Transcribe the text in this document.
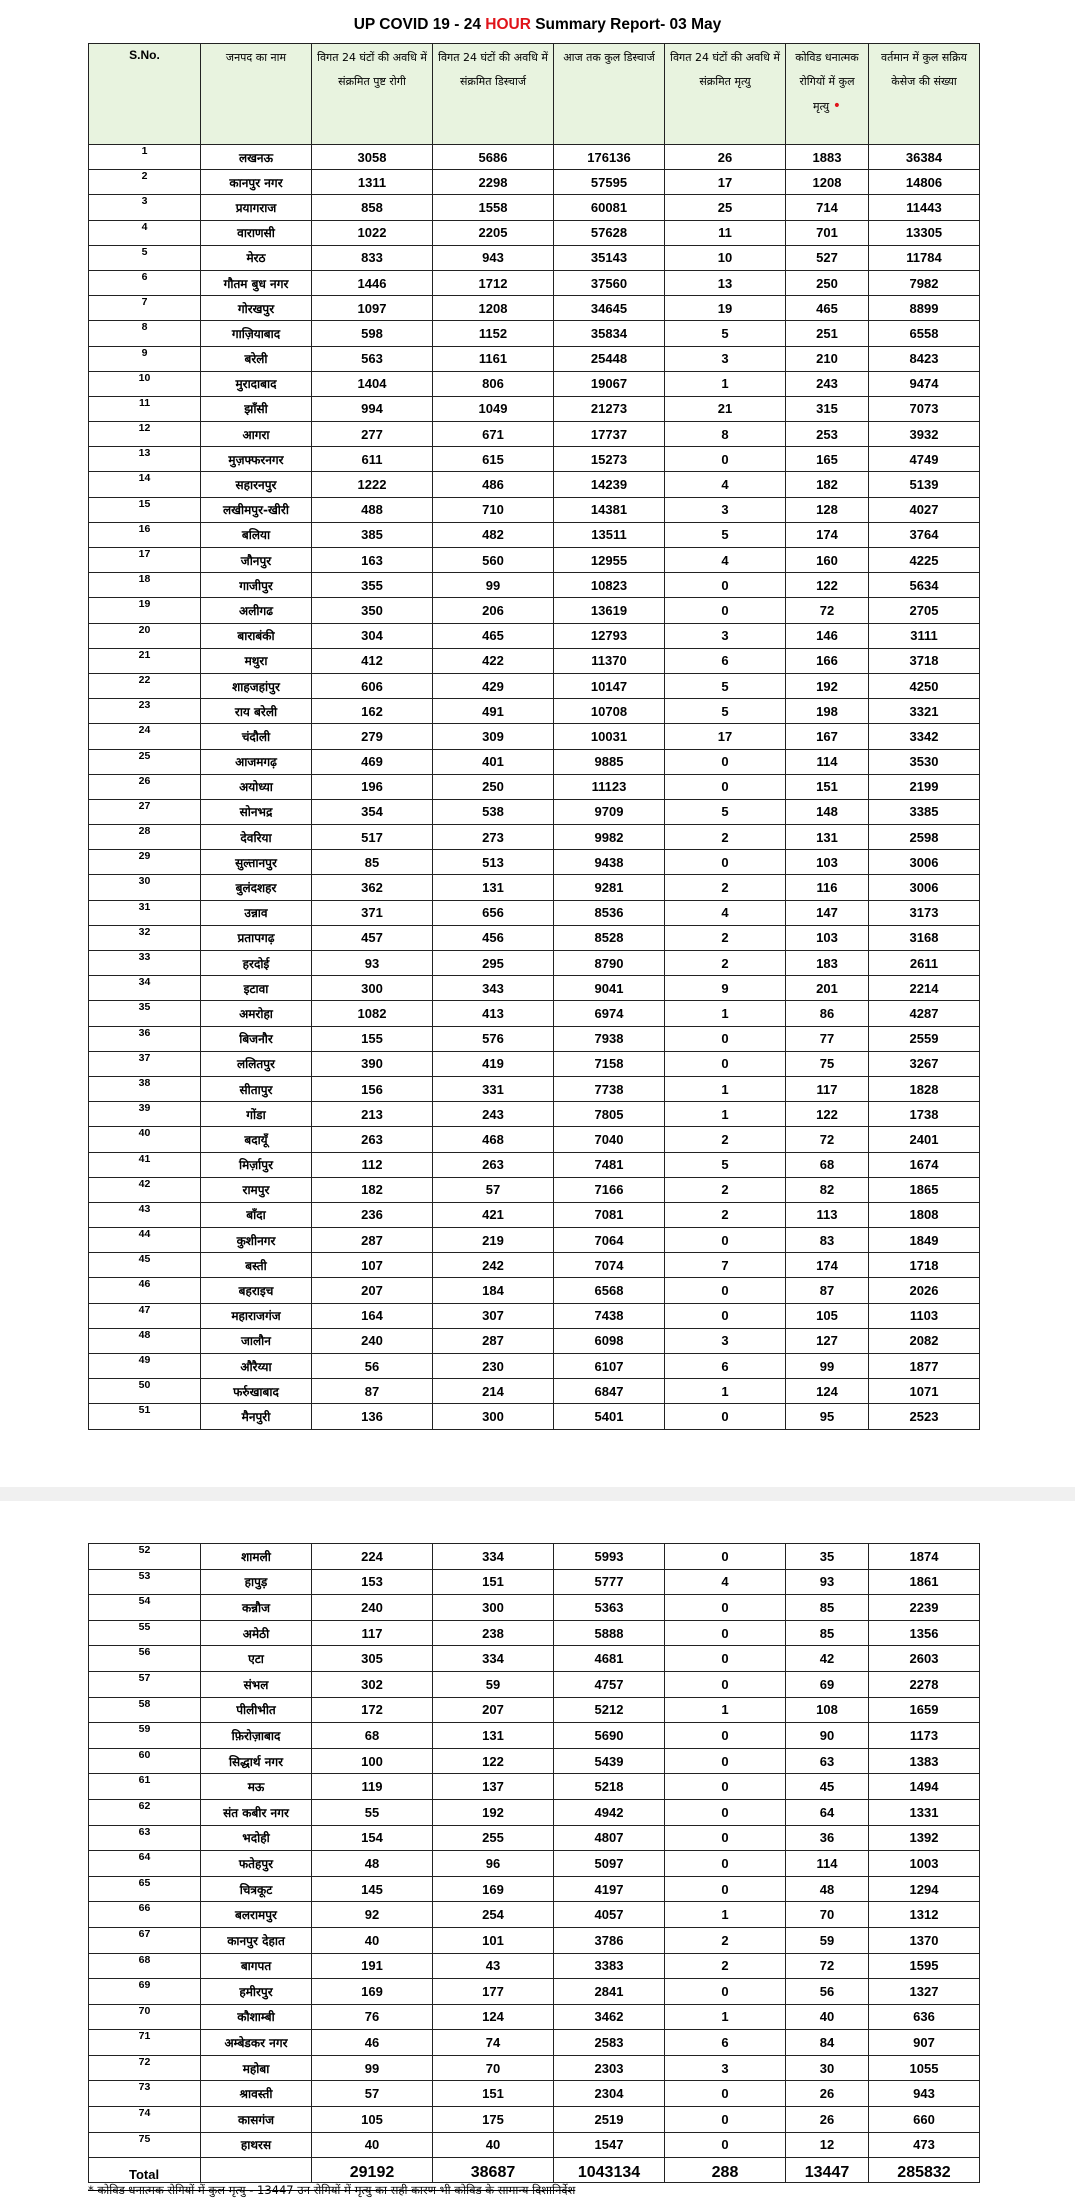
UP COVID 19 - 24 HOUR Summary Report- 03 May
S.No.	जनपद का नाम	विगत 24 घंटों की अवधि में संक्रमित पुष्ट रोगी	विगत 24 घंटों की अवधि में संक्रमित डिस्चार्ज	आज तक कुल डिस्चार्ज	विगत 24 घंटों की अवधि में संक्रमित मृत्यु	कोविड धनात्मक रोगियों में कुल मृत्यु •	वर्तमान में कुल सक्रिय केसेज की संख्या
1	लखनऊ	3058	5686	176136	26	1883	36384
2	कानपुर नगर	1311	2298	57595	17	1208	14806
3	प्रयागराज	858	1558	60081	25	714	11443
4	वाराणसी	1022	2205	57628	11	701	13305
5	मेरठ	833	943	35143	10	527	11784
6	गौतम बुध नगर	1446	1712	37560	13	250	7982
7	गोरखपुर	1097	1208	34645	19	465	8899
8	गाज़ियाबाद	598	1152	35834	5	251	6558
9	बरेली	563	1161	25448	3	210	8423
10	मुरादाबाद	1404	806	19067	1	243	9474
11	झाँसी	994	1049	21273	21	315	7073
12	आगरा	277	671	17737	8	253	3932
13	मुज़फ्फरनगर	611	615	15273	0	165	4749
14	सहारनपुर	1222	486	14239	4	182	5139
15	लखीमपुर-खीरी	488	710	14381	3	128	4027
16	बलिया	385	482	13511	5	174	3764
17	जौनपुर	163	560	12955	4	160	4225
18	गाजीपुर	355	99	10823	0	122	5634
19	अलीगढ	350	206	13619	0	72	2705
20	बाराबंकी	304	465	12793	3	146	3111
21	मथुरा	412	422	11370	6	166	3718
22	शाहजहांपुर	606	429	10147	5	192	4250
23	राय बरेली	162	491	10708	5	198	3321
24	चंदौली	279	309	10031	17	167	3342
25	आजमगढ़	469	401	9885	0	114	3530
26	अयोध्या	196	250	11123	0	151	2199
27	सोनभद्र	354	538	9709	5	148	3385
28	देवरिया	517	273	9982	2	131	2598
29	सुल्तानपुर	85	513	9438	0	103	3006
30	बुलंदशहर	362	131	9281	2	116	3006
31	उन्नाव	371	656	8536	4	147	3173
32	प्रतापगढ़	457	456	8528	2	103	3168
33	हरदोई	93	295	8790	2	183	2611
34	इटावा	300	343	9041	9	201	2214
35	अमरोहा	1082	413	6974	1	86	4287
36	बिजनौर	155	576	7938	0	77	2559
37	ललितपुर	390	419	7158	0	75	3267
38	सीतापुर	156	331	7738	1	117	1828
39	गोंडा	213	243	7805	1	122	1738
40	बदायूँ	263	468	7040	2	72	2401
41	मिर्ज़ापुर	112	263	7481	5	68	1674
42	रामपुर	182	57	7166	2	82	1865
43	बाँदा	236	421	7081	2	113	1808
44	कुशीनगर	287	219	7064	0	83	1849
45	बस्ती	107	242	7074	7	174	1718
46	बहराइच	207	184	6568	0	87	2026
47	महाराजगंज	164	307	7438	0	105	1103
48	जालौन	240	287	6098	3	127	2082
49	औरैय्या	56	230	6107	6	99	1877
50	फर्रुखाबाद	87	214	6847	1	124	1071
51	मैनपुरी	136	300	5401	0	95	2523
52	शामली	224	334	5993	0	35	1874
53	हापुड़	153	151	5777	4	93	1861
54	कन्नौज	240	300	5363	0	85	2239
55	अमेठी	117	238	5888	0	85	1356
56	एटा	305	334	4681	0	42	2603
57	संभल	302	59	4757	0	69	2278
58	पीलीभीत	172	207	5212	1	108	1659
59	फ़िरोज़ाबाद	68	131	5690	0	90	1173
60	सिद्धार्थ नगर	100	122	5439	0	63	1383
61	मऊ	119	137	5218	0	45	1494
62	संत कबीर नगर	55	192	4942	0	64	1331
63	भदोही	154	255	4807	0	36	1392
64	फतेहपुर	48	96	5097	0	114	1003
65	चित्रकूट	145	169	4197	0	48	1294
66	बलरामपुर	92	254	4057	1	70	1312
67	कानपुर देहात	40	101	3786	2	59	1370
68	बागपत	191	43	3383	2	72	1595
69	हमीरपुर	169	177	2841	0	56	1327
70	कौशाम्बी	76	124	3462	1	40	636
71	अम्बेडकर नगर	46	74	2583	6	84	907
72	महोबा	99	70	2303	3	30	1055
73	श्रावस्ती	57	151	2304	0	26	943
74	कासगंज	105	175	2519	0	26	660
75	हाथरस	40	40	1547	0	12	473
Total		29192	38687	1043134	288	13447	285832
* कोविड धनात्मक रोगियों में कुल मृत्यु - 13447 उन रोगियों में मृत्यु का सही कारण भी कोविड के सामान्य दिशानिर्देश
